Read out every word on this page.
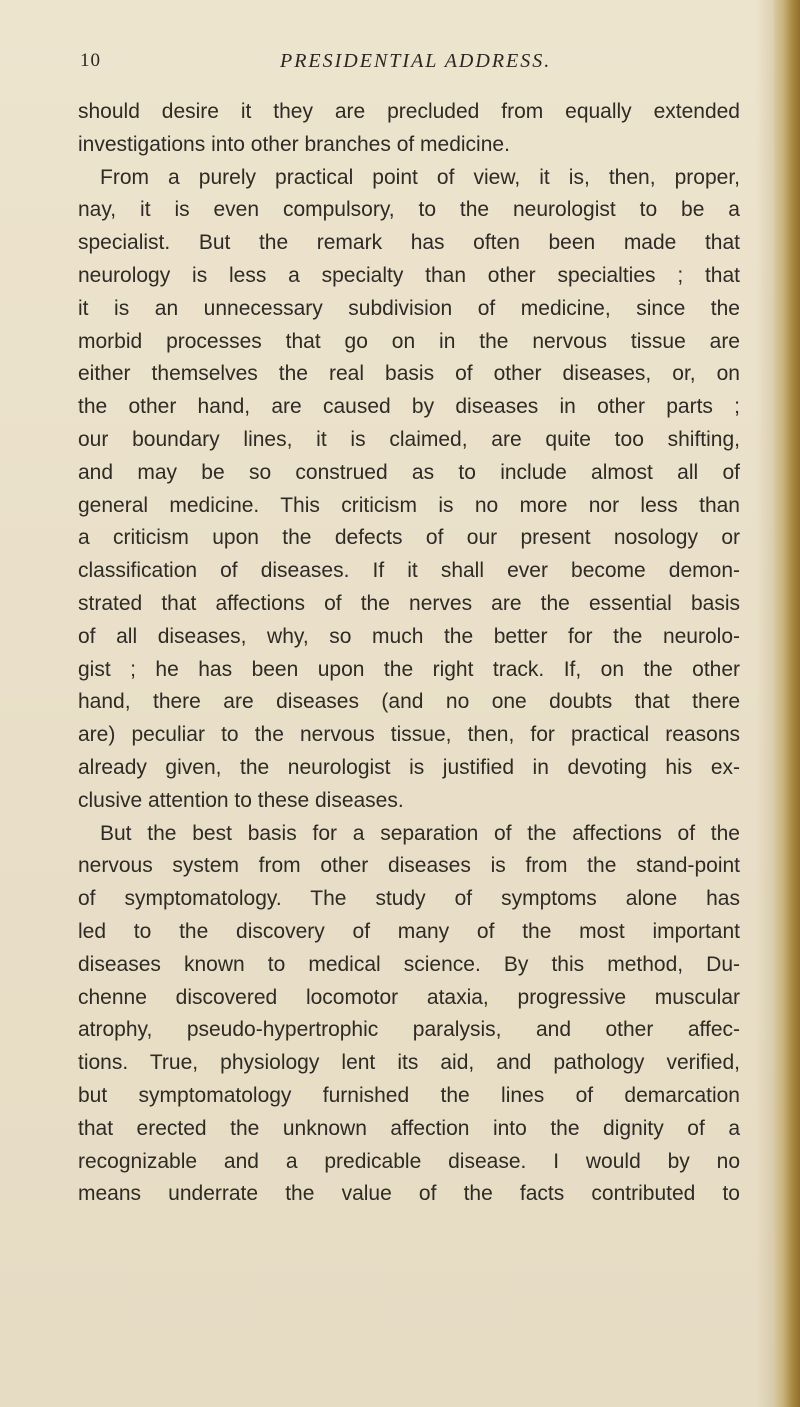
10	PRESIDENTIAL ADDRESS.
should desire it they are precluded from equally extended
investigations into other branches of medicine.
From a purely practical point of view, it is, then, proper,
nay, it is even compulsory, to the neurologist to be a
specialist. But the remark has often been made that
neurology is less a specialty than other specialties ; that
it is an unnecessary subdivision of medicine, since the
morbid processes that go on in the nervous tissue are
either themselves the real basis of other diseases, or, on
the other hand, are caused by diseases in other parts ;
our boundary lines, it is claimed, are quite too shifting,
and may be so construed as to include almost all of
general medicine. This criticism is no more nor less than
a criticism upon the defects of our present nosology or
classification of diseases. If it shall ever become demon-
strated that affections of the nerves are the essential basis
of all diseases, why, so much the better for the neurolo-
gist ; he has been upon the right track. If, on the other
hand, there are diseases (and no one doubts that there
are) peculiar to the nervous tissue, then, for practical reasons
already given, the neurologist is justified in devoting his ex-
clusive attention to these diseases.
But the best basis for a separation of the affections of the
nervous system from other diseases is from the stand-point
of symptomatology. The study of symptoms alone has
led to the discovery of many of the most important
diseases known to medical science. By this method, Du-
chenne discovered locomotor ataxia, progressive muscular
atrophy, pseudo-hypertrophic paralysis, and other affec-
tions. True, physiology lent its aid, and pathology verified,
but symptomatology furnished the lines of demarcation
that erected the unknown affection into the dignity of a
recognizable and a predicable disease. I would by no
means underrate the value of the facts contributed to
